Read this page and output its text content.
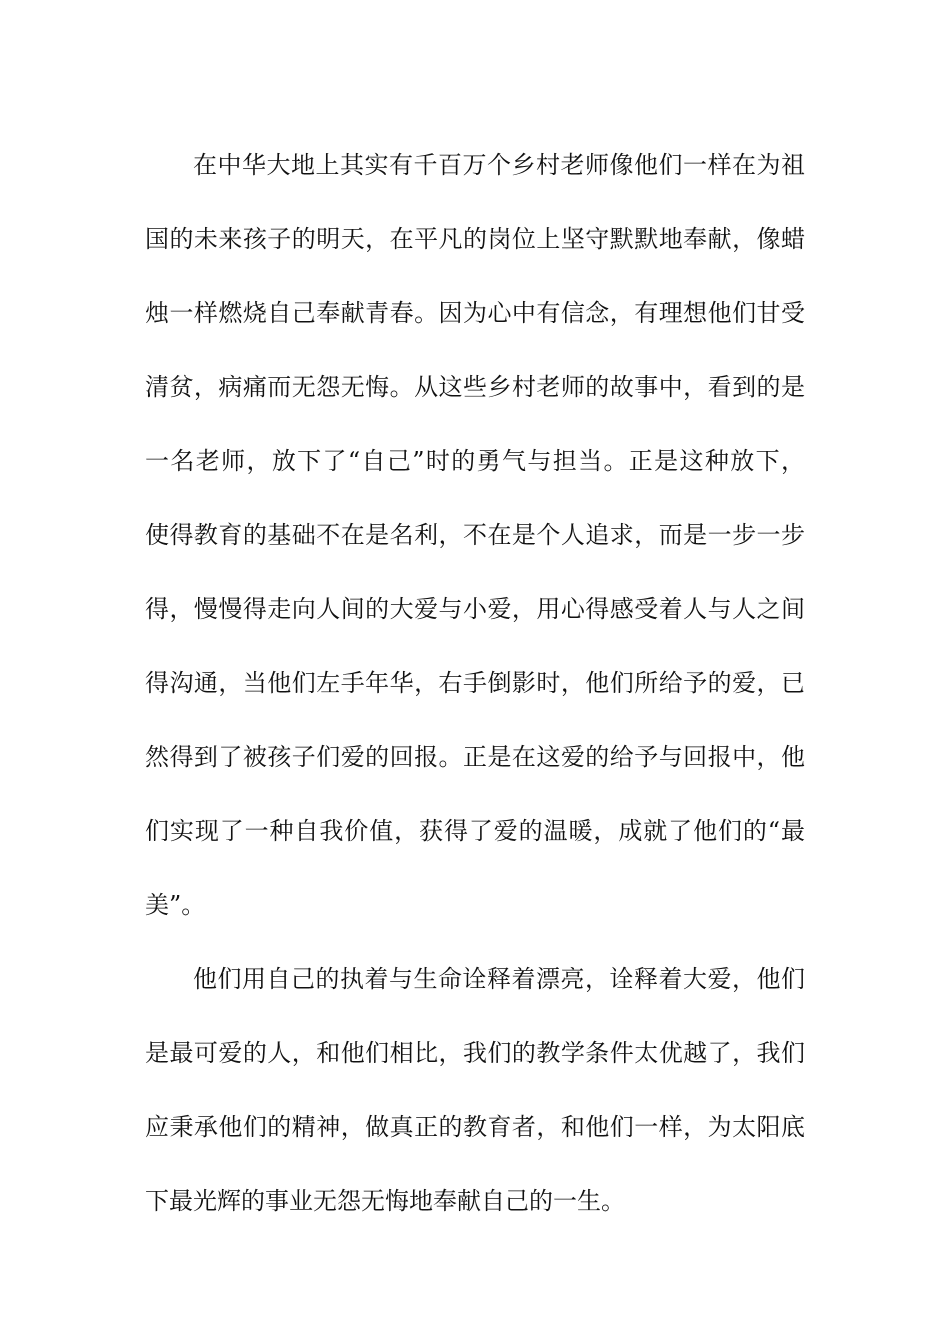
在中华大地上其实有千百万个乡村老师像他们一样在为祖
国的未来孩子的明天，在平凡的岗位上坚守默默地奉献，像蜡
烛一样燃烧自己奉献青春。因为心中有信念，有理想他们甘受
清贫，病痛而无怨无悔。从这些乡村老师的故事中，看到的是
一名老师，放下了“自己”时的勇气与担当。正是这种放下，
使得教育的基础不在是名利，不在是个人追求，而是一步一步
得，慢慢得走向人间的大爱与小爱，用心得感受着人与人之间
得沟通，当他们左手年华，右手倒影时，他们所给予的爱，已
然得到了被孩子们爱的回报。正是在这爱的给予与回报中，他
们实现了一种自我价值，获得了爱的温暖，成就了他们的“最
美”。
他们用自己的执着与生命诠释着漂亮，诠释着大爱，他们
是最可爱的人，和他们相比，我们的教学条件太优越了，我们
应秉承他们的精神，做真正的教育者，和他们一样，为太阳底
下最光辉的事业无怨无悔地奉献自己的一生。
